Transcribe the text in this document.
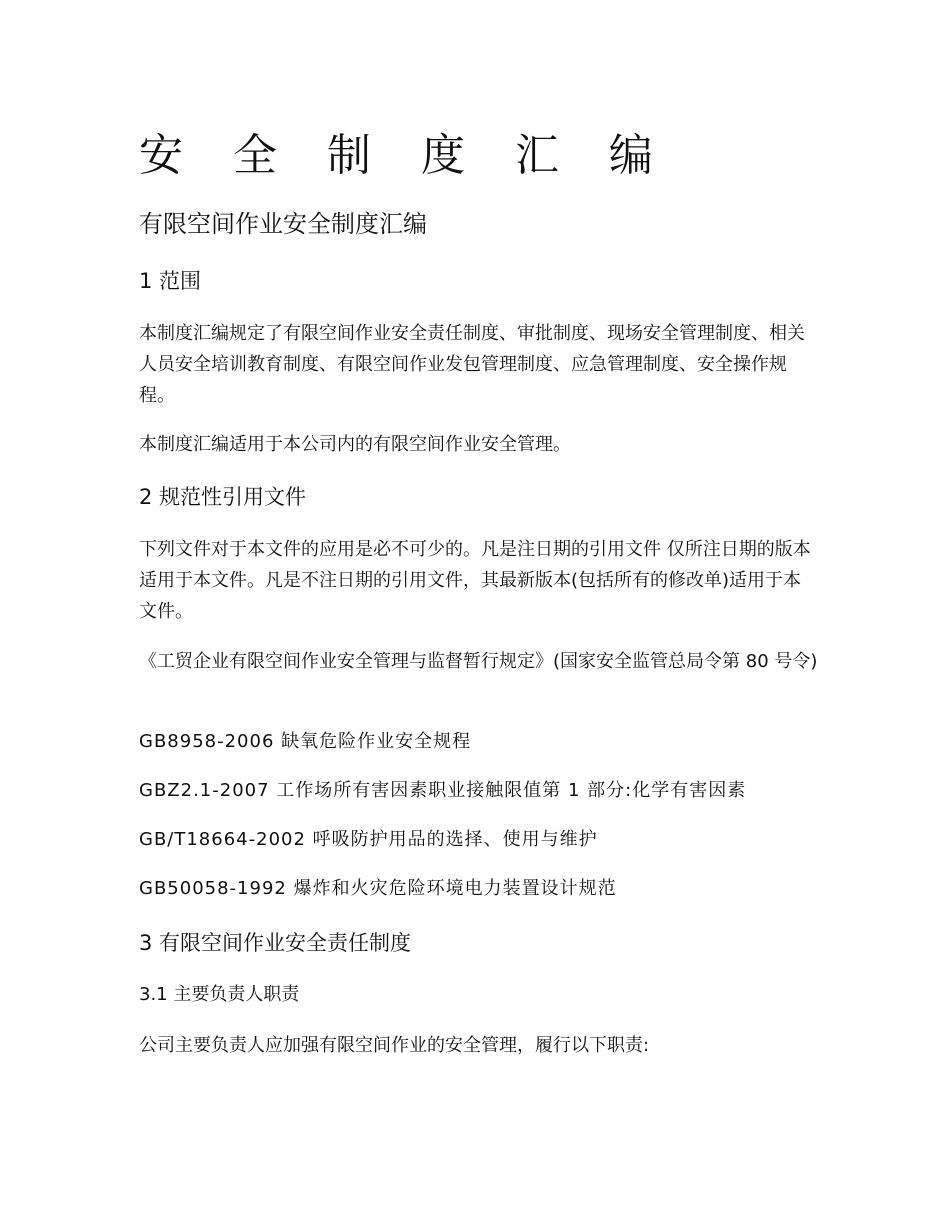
安 全 制 度 汇 编
有限空间作业安全制度汇编
1 范围

本制度汇编规定了有限空间作业安全责任制度、审批制度、现场安全管理制度、相关人员安全培训教育制度、有限空间作业发包管理制度、应急管理制度、安全操作规程。

本制度汇编适用于本公司内的有限空间作业安全管理。

2 规范性引用文件

下列文件对于本文件的应用是必不可少的。凡是注日期的引用文件 仅所注日期的版本适用于本文件。凡是不注日期的引用文件，其最新版本(包括所有的修改单)适用于本文件。

《工贸企业有限空间作业安全管理与监督暂行规定》(国家安全监管总局令第 80 号令)

GB8958-2006 缺氧危险作业安全规程

GBZ2.1-2007 工作场所有害因素职业接触限值第 1 部分:化学有害因素

GB/T18664-2002 呼吸防护用品的选择、使用与维护

GB50058-1992 爆炸和火灾危险环境电力装置设计规范

3 有限空间作业安全责任制度
3.1 主要负责人职责

公司主要负责人应加强有限空间作业的安全管理，履行以下职责:
